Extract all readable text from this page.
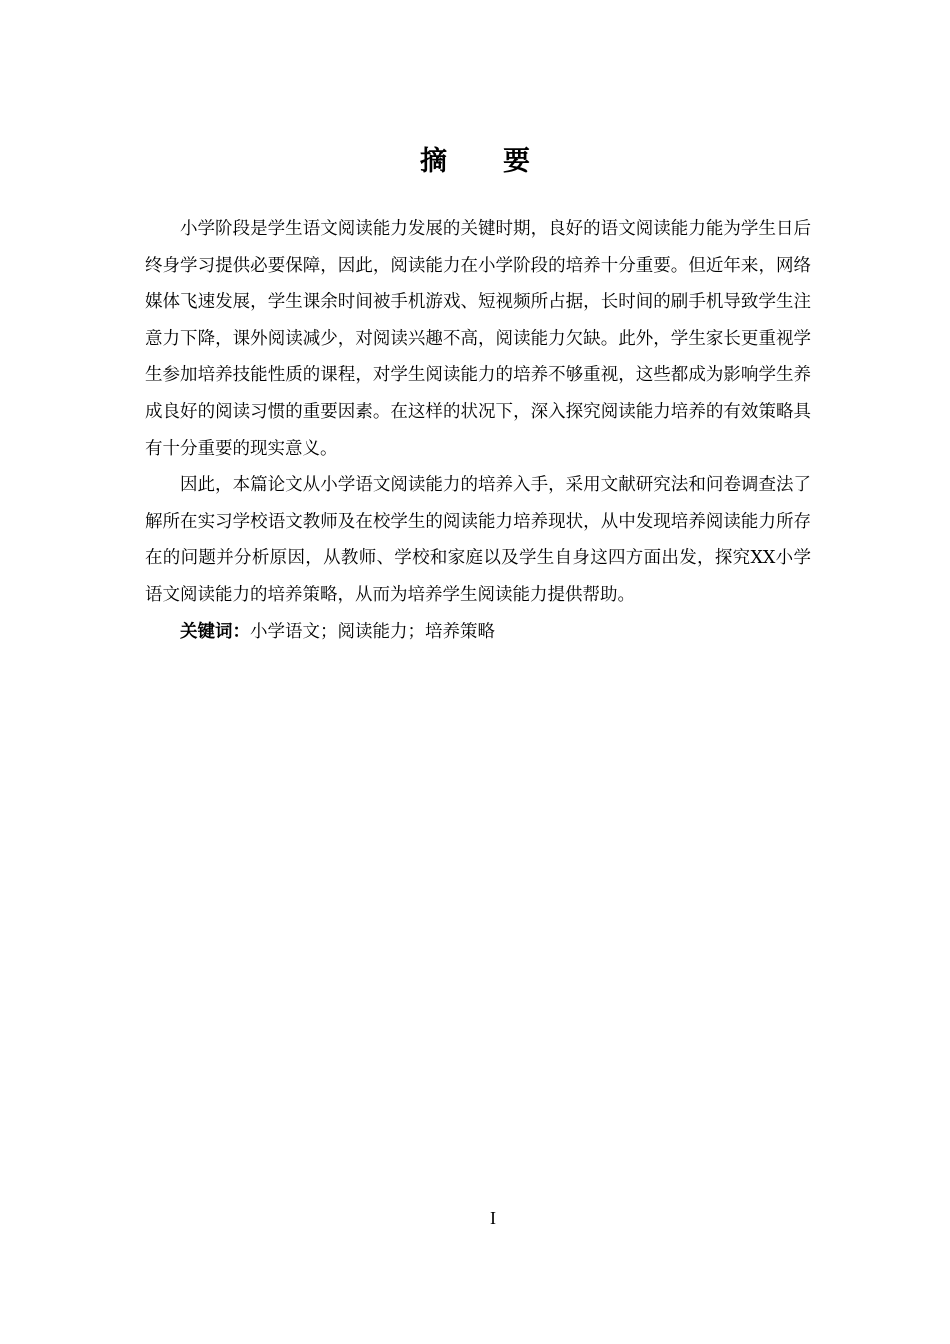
摘 要

小学阶段是学生语文阅读能力发展的关键时期，良好的语文阅读能力能为学生日后终身学习提供必要保障，因此，阅读能力在小学阶段的培养十分重要。但近年来，网络媒体飞速发展，学生课余时间被手机游戏、短视频所占据，长时间的刷手机导致学生注意力下降，课外阅读减少，对阅读兴趣不高，阅读能力欠缺。此外，学生家长更重视学生参加培养技能性质的课程，对学生阅读能力的培养不够重视，这些都成为影响学生养成良好的阅读习惯的重要因素。在这样的状况下，深入探究阅读能力培养的有效策略具有十分重要的现实意义。

因此，本篇论文从小学语文阅读能力的培养入手，采用文献研究法和问卷调查法了解所在实习学校语文教师及在校学生的阅读能力培养现状，从中发现培养阅读能力所存在的问题并分析原因，从教师、学校和家庭以及学生自身这四方面出发，探究XX小学语文阅读能力的培养策略，从而为培养学生阅读能力提供帮助。

关键词：小学语文；阅读能力；培养策略

I
